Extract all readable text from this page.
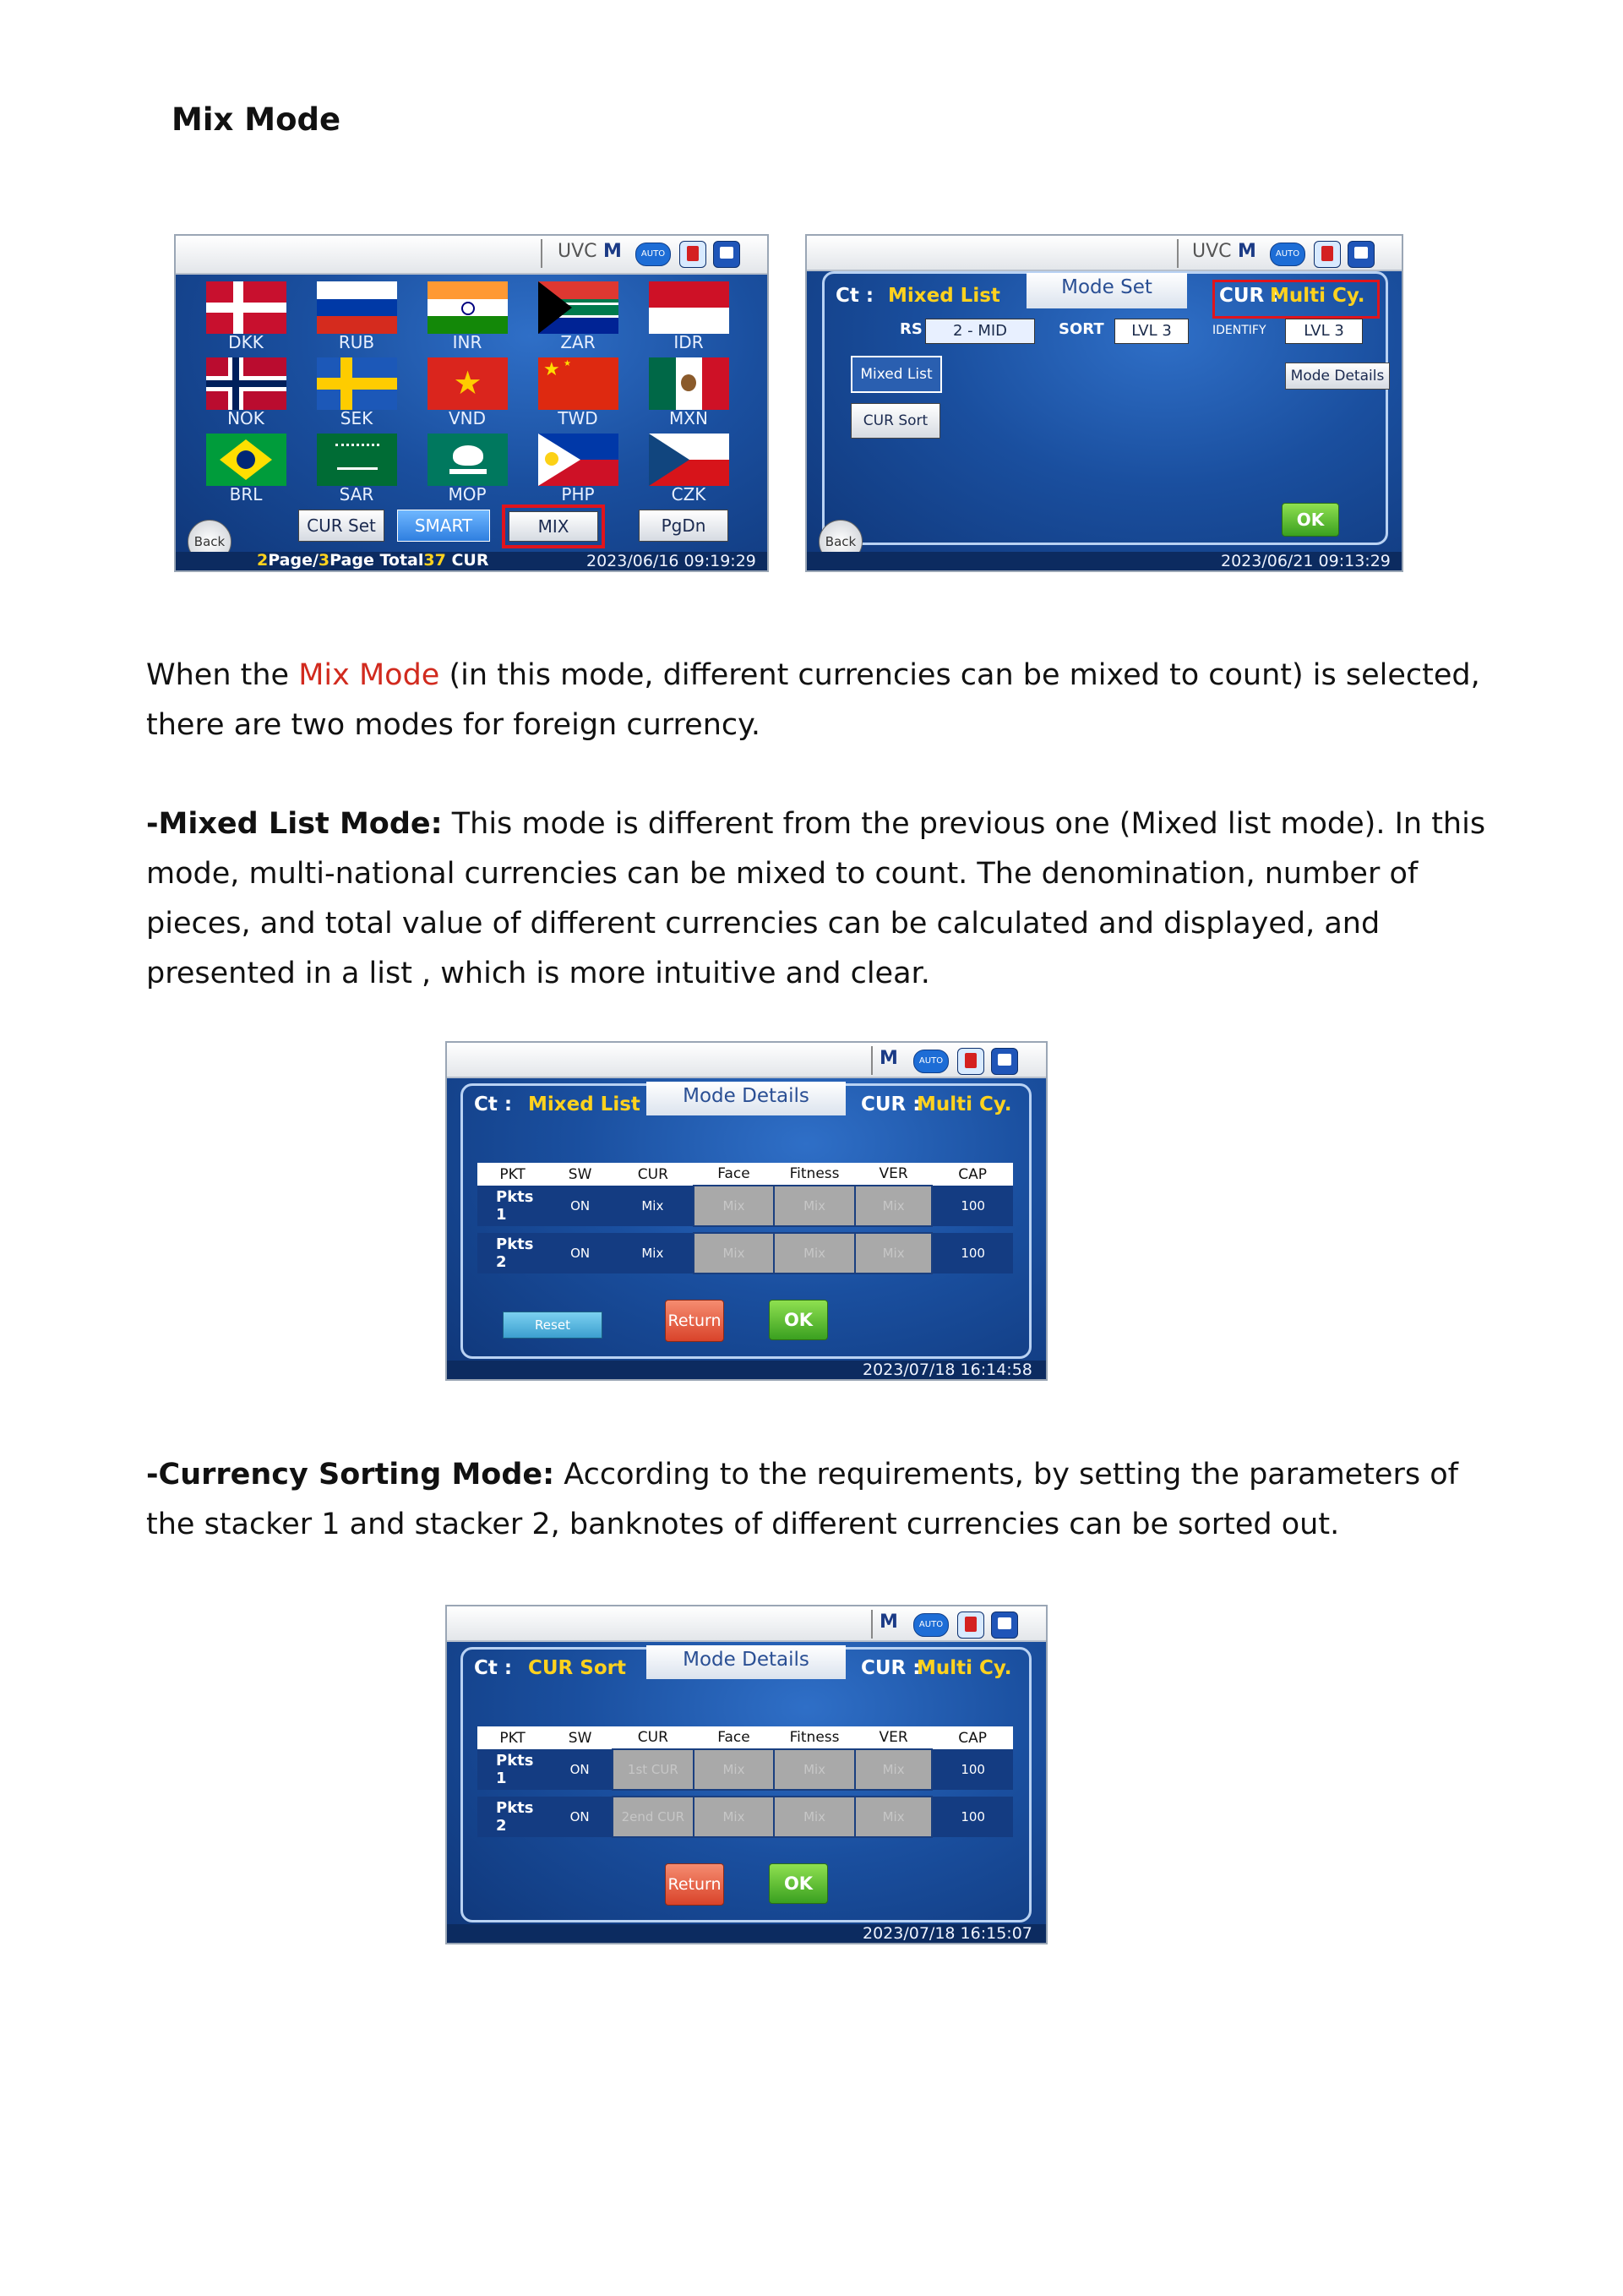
Mix Mode
UVC M	AUTO
DKK	RUB	INR	ZAR	IDR
★	★ ★
NOK	SEK	VND	TWD	MXN
BRL	SAR	MOP	PHP	CZK
Back
CUR Set	SMART	MIX	PgDn
2Page/3Page Total37 CUR	2023/06/16 09:19:29
UVC M	AUTO
Mode Set
Ct : Mixed List	CUR :
Multi Cy.
RS	2 - MID	SORT	LVL 3	IDENTIFY	LVL 3
Mixed List	Mode Details
CUR Sort
OK
Back
2023/06/21 09:13:29
When the Mix Mode (in this mode, different currencies can be mixed to count) is selected, there are two modes for foreign currency.
-Mixed List Mode: This mode is different from the previous one (Mixed list mode). In this mode, multi-national currencies can be mixed to count. The denomination, number of pieces, and total value of different currencies can be calculated and displayed, and presented in a list , which is more intuitive and clear.
M	AUTO
Mode Details
Ct : Mixed List	CUR :
Multi Cy.
PKT	SW	CUR	Face	Fitness	VER	CAP
Pkts 1	ON	Mix	Mix	Mix	Mix	100

Pkts 2	ON	Mix	Mix	Mix	Mix	100
Reset	Return	OK
2023/07/18 16:14:58
-Currency Sorting Mode: According to the requirements, by setting the parameters of the stacker 1 and stacker 2, banknotes of different currencies can be sorted out.
M	AUTO
Mode Details
Ct : CUR Sort	CUR :
Multi Cy.
PKT	SW	CUR	Face	Fitness	VER	CAP
Pkts 1	ON	1st CUR	Mix	Mix	Mix	100

Pkts 2	ON	2end CUR	Mix	Mix	Mix	100
Return	OK
2023/07/18 16:15:07
